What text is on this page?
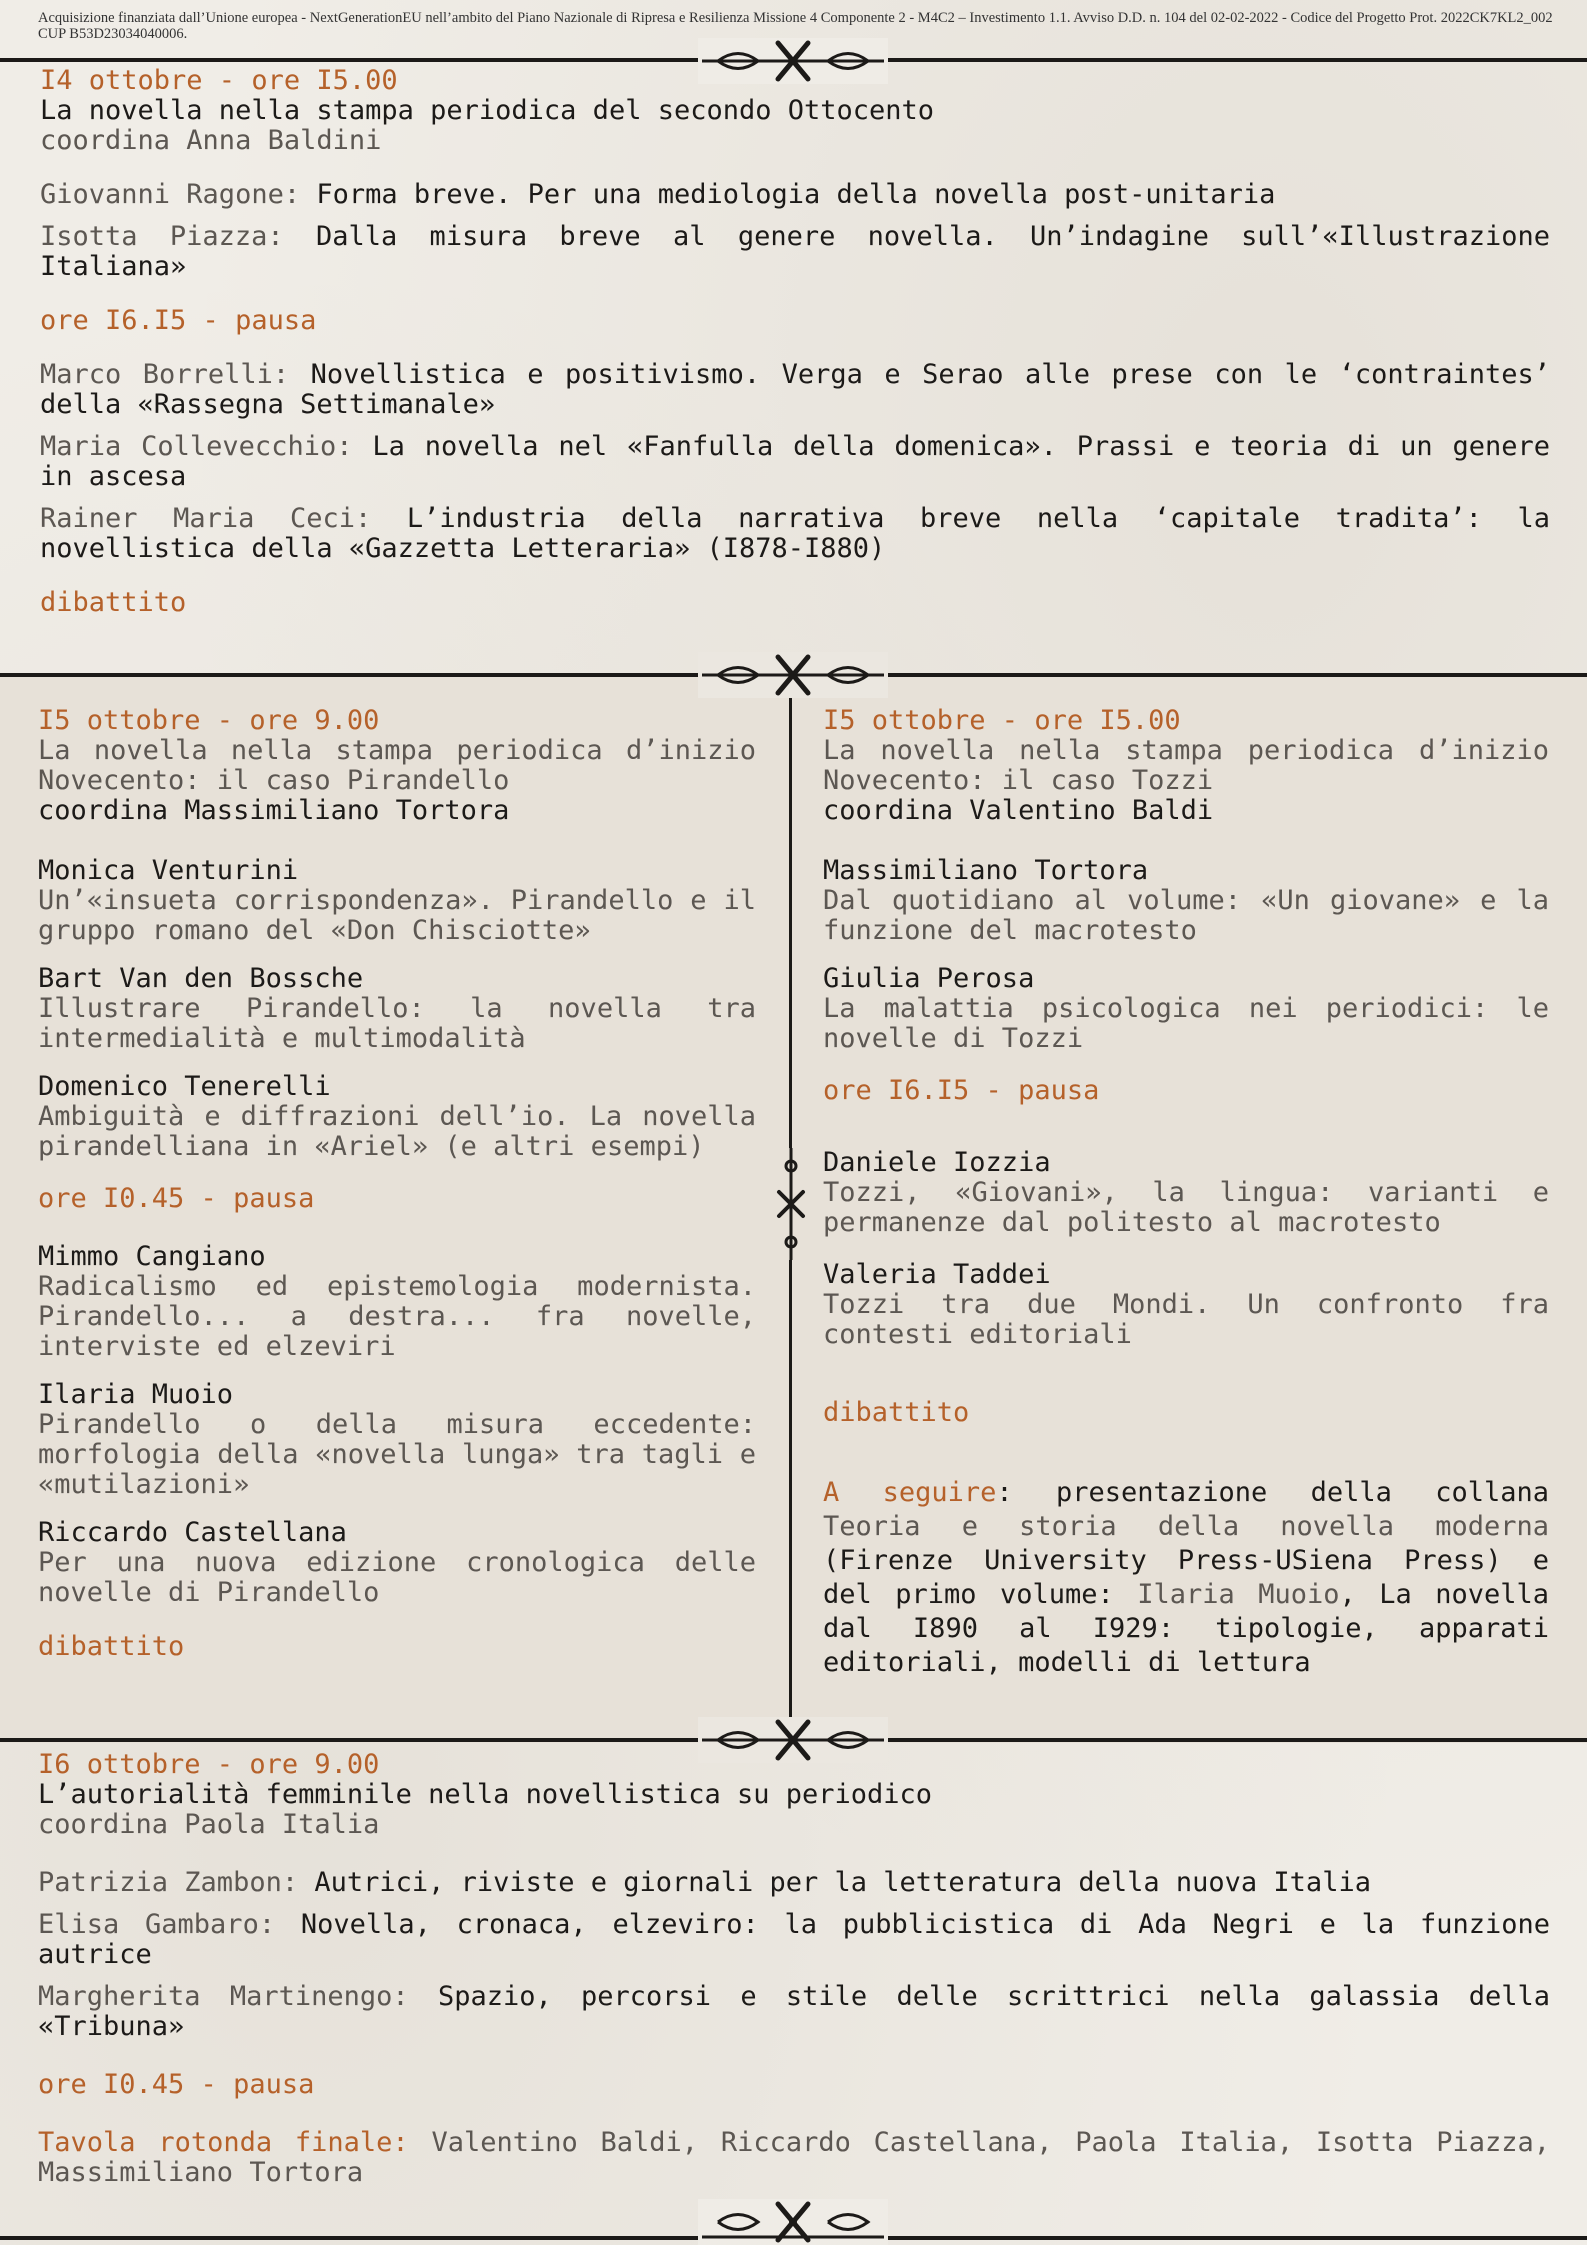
Acquisizione finanziata dall’Unione europea - NextGenerationEU nell’ambito del Piano Nazionale di Ripresa e Resilienza Missione 4 Componente 2 - M4C2 – Investimento 1.1. Avviso D.D. n. 104 del 02-02-2022 - Codice del Progetto Prot. 2022CK7KL2_002 CUP B53D23034040006.

I4 ottobre - ore I5.00

La novella nella stampa periodica del secondo Ottocento

coordina Anna Baldini

Giovanni Ragone: Forma breve. Per una mediologia della novella post-unitaria

Isotta Piazza: Dalla misura breve al genere novella. Un’indagine sull’«Illustrazione Italiana»

ore I6.I5 - pausa

Marco Borrelli: Novellistica e positivismo. Verga e Serao alle prese con le ‘contraintes’ della «Rassegna Settimanale»

Maria Collevecchio: La novella nel «Fanfulla della domenica». Prassi e teoria di un genere in ascesa

Rainer Maria Ceci: L’industria della narrativa breve nella ‘capitale tradita’: la novellistica della «Gazzetta Letteraria» (I878-I880)

dibattito

I5 ottobre - ore 9.00

La novella nella stampa periodica d’inizio Novecento: il caso Pirandello

coordina Massimiliano Tortora

Monica Venturini

Un’«insueta corrispondenza». Pirandello e il gruppo romano del «Don Chisciotte»

Bart Van den Bossche

Illustrare Pirandello: la novella tra intermedialità e multimodalità

Domenico Tenerelli

Ambiguità e diffrazioni dell’io. La novella pirandelliana in «Ariel» (e altri esempi)

ore I0.45 - pausa

Mimmo Cangiano

Radicalismo ed epistemologia modernista. Pirandello... a destra... fra novelle, interviste ed elzeviri

Ilaria Muoio

Pirandello o della misura eccedente: morfologia della «novella lunga» tra tagli e «mutilazioni»

Riccardo Castellana

Per una nuova edizione cronologica delle novelle di Pirandello

dibattito

I5 ottobre - ore I5.00

La novella nella stampa periodica d’inizio Novecento: il caso Tozzi

coordina Valentino Baldi

Massimiliano Tortora

Dal quotidiano al volume: «Un giovane» e la funzione del macrotesto

Giulia Perosa

La malattia psicologica nei periodici: le novelle di Tozzi

ore I6.I5 - pausa

Daniele Iozzia

Tozzi, «Giovani», la lingua: varianti e permanenze dal politesto al macrotesto

Valeria Taddei

Tozzi tra due Mondi. Un confronto fra contesti editoriali

dibattito

A seguire: presentazione della collana Teoria e storia della novella moderna (Firenze University Press-USiena Press) e del primo volume: Ilaria Muoio, La novella dal I890 al I929: tipologie, apparati editoriali, modelli di lettura

I6 ottobre - ore 9.00

L’autorialità femminile nella novellistica su periodico

coordina Paola Italia

Patrizia Zambon: Autrici, riviste e giornali per la letteratura della nuova Italia

Elisa Gambaro: Novella, cronaca, elzeviro: la pubblicistica di Ada Negri e la funzione autrice

Margherita Martinengo: Spazio, percorsi e stile delle scrittrici nella galassia della «Tribuna»

ore I0.45 - pausa

Tavola rotonda finale: Valentino Baldi, Riccardo Castellana, Paola Italia, Isotta Piazza, Massimiliano Tortora
